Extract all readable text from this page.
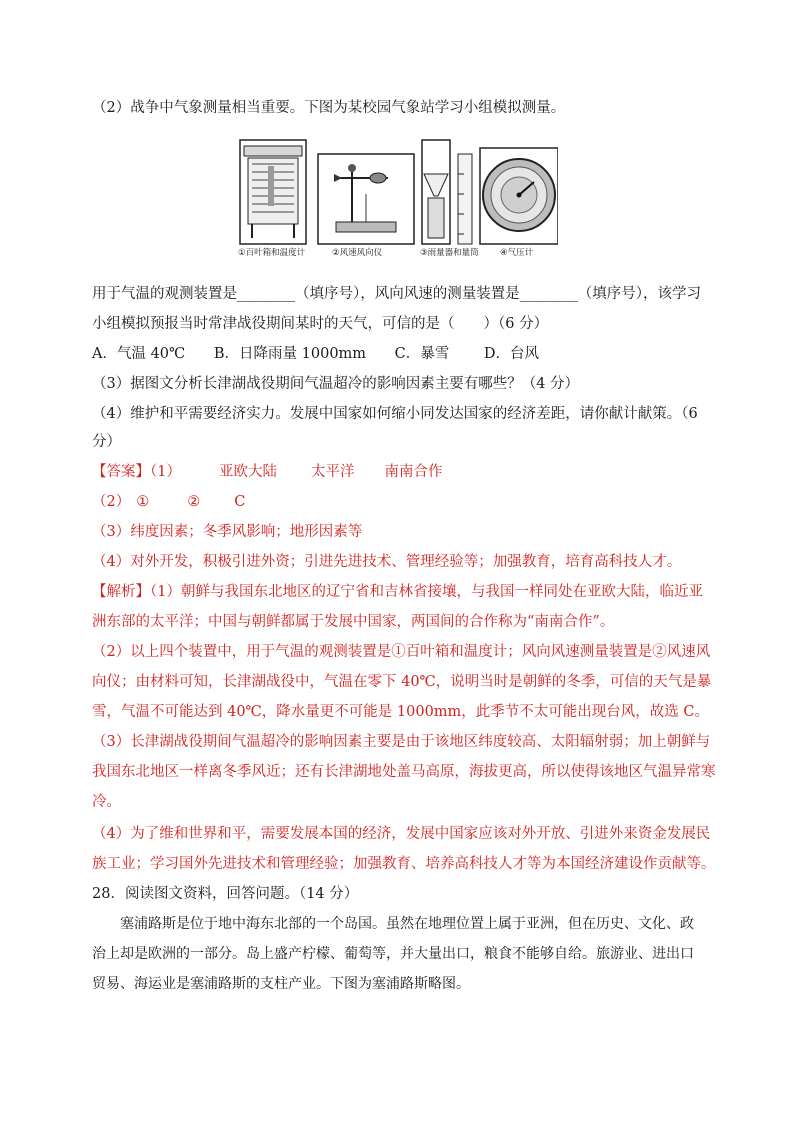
（2）战争中气象测量相当重要。下图为某校园气象站学习小组模拟测量。
①百叶箱和温度计	②风速风向仪	③雨量器和量筒	④气压计
用于气温的观测装置是________（填序号），风向风速的测量装置是________（填序号），该学习
小组模拟预报当时常津战役期间某时的天气，可信的是（　　）（6 分）
A．气温 40℃ B．日降雨量 1000mm C．暴雪 D．台风
（3）据图文分析长津湖战役期间气温超冷的影响因素主要有哪些？（4 分）
（4）维护和平需要经济实力。发展中国家如何缩小同发达国家的经济差距，请你献计献策。（6
分）
【答案】（1）	亚欧大陆 太平洋 南南合作
（2） ①	② C
（3）纬度因素；冬季风影响；地形因素等
（4）对外开发，积极引进外资；引进先进技术、管理经验等；加强教育，培育高科技人才。
【解析】（1）朝鲜与我国东北地区的辽宁省和吉林省接壤，与我国一样同处在亚欧大陆，临近亚
洲东部的太平洋；中国与朝鲜都属于发展中国家，两国间的合作称为“南南合作”。
（2）以上四个装置中，用于气温的观测装置是①百叶箱和温度计；风向风速测量装置是②风速风
向仪；由材料可知，长津湖战役中，气温在零下 40℃，说明当时是朝鲜的冬季，可信的天气是暴
雪，气温不可能达到 40℃，降水量更不可能是 1000mm，此季节不太可能出现台风，故选 C。
（3）长津湖战役期间气温超冷的影响因素主要是由于该地区纬度较高、太阳辐射弱；加上朝鲜与
我国东北地区一样离冬季风近；还有长津湖地处盖马高原，海拔更高，所以使得该地区气温异常寒
冷。
（4）为了维和世界和平，需要发展本国的经济，发展中国家应该对外开放、引进外来资金发展民
族工业；学习国外先进技术和管理经验；加强教育、培养高科技人才等为本国经济建设作贡献等。
28．阅读图文资料，回答问题。（14 分）
塞浦路斯是位于地中海东北部的一个岛国。虽然在地理位置上属于亚洲，但在历史、文化、政
治上却是欧洲的一部分。岛上盛产柠檬、葡萄等，并大量出口，粮食不能够自给。旅游业、进出口
贸易、海运业是塞浦路斯的支柱产业。下图为塞浦路斯略图。
